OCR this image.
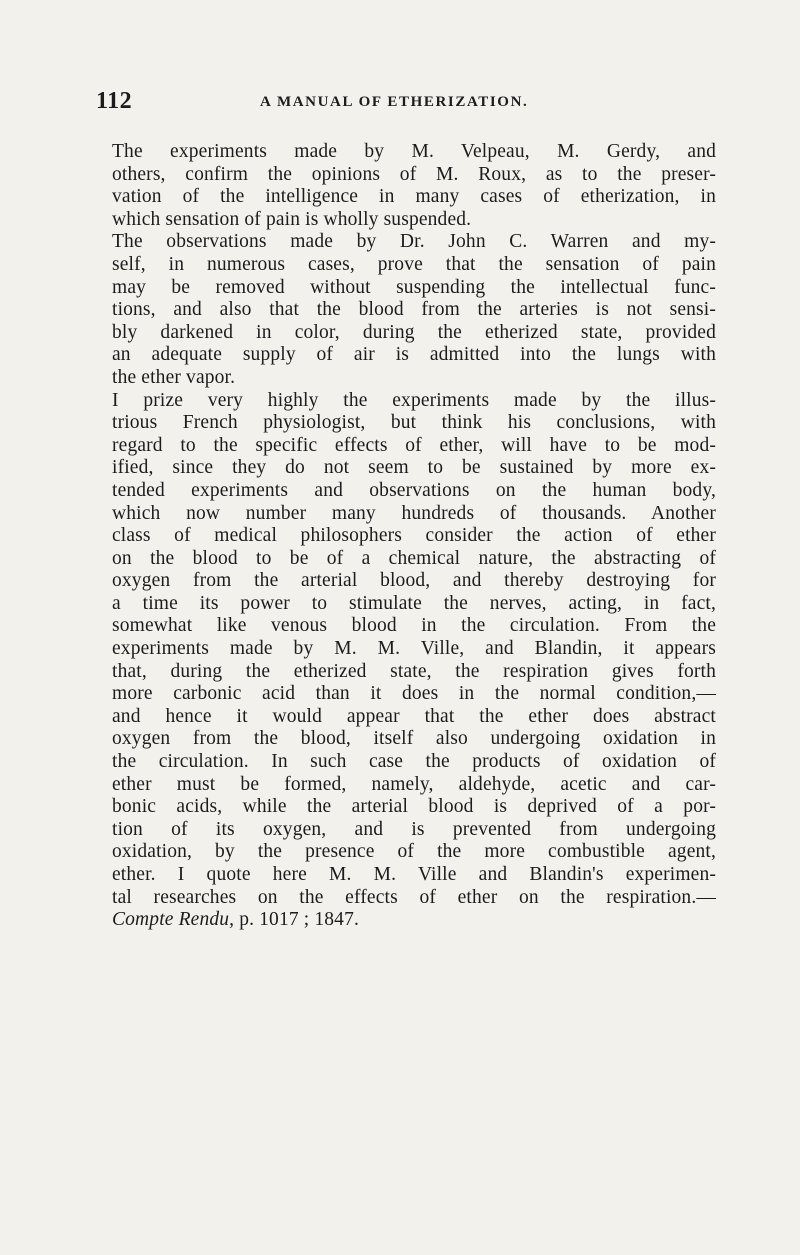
112	A MANUAL OF ETHERIZATION.
The experiments made by M. Velpeau, M. Gerdy, and
others, confirm the opinions of M. Roux, as to the preser-
vation of the intelligence in many cases of etherization, in
which sensation of pain is wholly suspended.
The observations made by Dr. John C. Warren and my-
self, in numerous cases, prove that the sensation of pain
may be removed without suspending the intellectual func-
tions, and also that the blood from the arteries is not sensi-
bly darkened in color, during the etherized state, provided
an adequate supply of air is admitted into the lungs with
the ether vapor.
I prize very highly the experiments made by the illus-
trious French physiologist, but think his conclusions, with
regard to the specific effects of ether, will have to be mod-
ified, since they do not seem to be sustained by more ex-
tended experiments and observations on the human body,
which now number many hundreds of thousands. Another
class of medical philosophers consider the action of ether
on the blood to be of a chemical nature, the abstracting of
oxygen from the arterial blood, and thereby destroying for
a time its power to stimulate the nerves, acting, in fact,
somewhat like venous blood in the circulation. From the
experiments made by M. M. Ville, and Blandin, it appears
that, during the etherized state, the respiration gives forth
more carbonic acid than it does in the normal condition,—
and hence it would appear that the ether does abstract
oxygen from the blood, itself also undergoing oxidation in
the circulation. In such case the products of oxidation of
ether must be formed, namely, aldehyde, acetic and car-
bonic acids, while the arterial blood is deprived of a por-
tion of its oxygen, and is prevented from undergoing
oxidation, by the presence of the more combustible agent,
ether. I quote here M. M. Ville and Blandin's experimen-
tal researches on the effects of ether on the respiration.—
Compte Rendu, p. 1017 ; 1847.
